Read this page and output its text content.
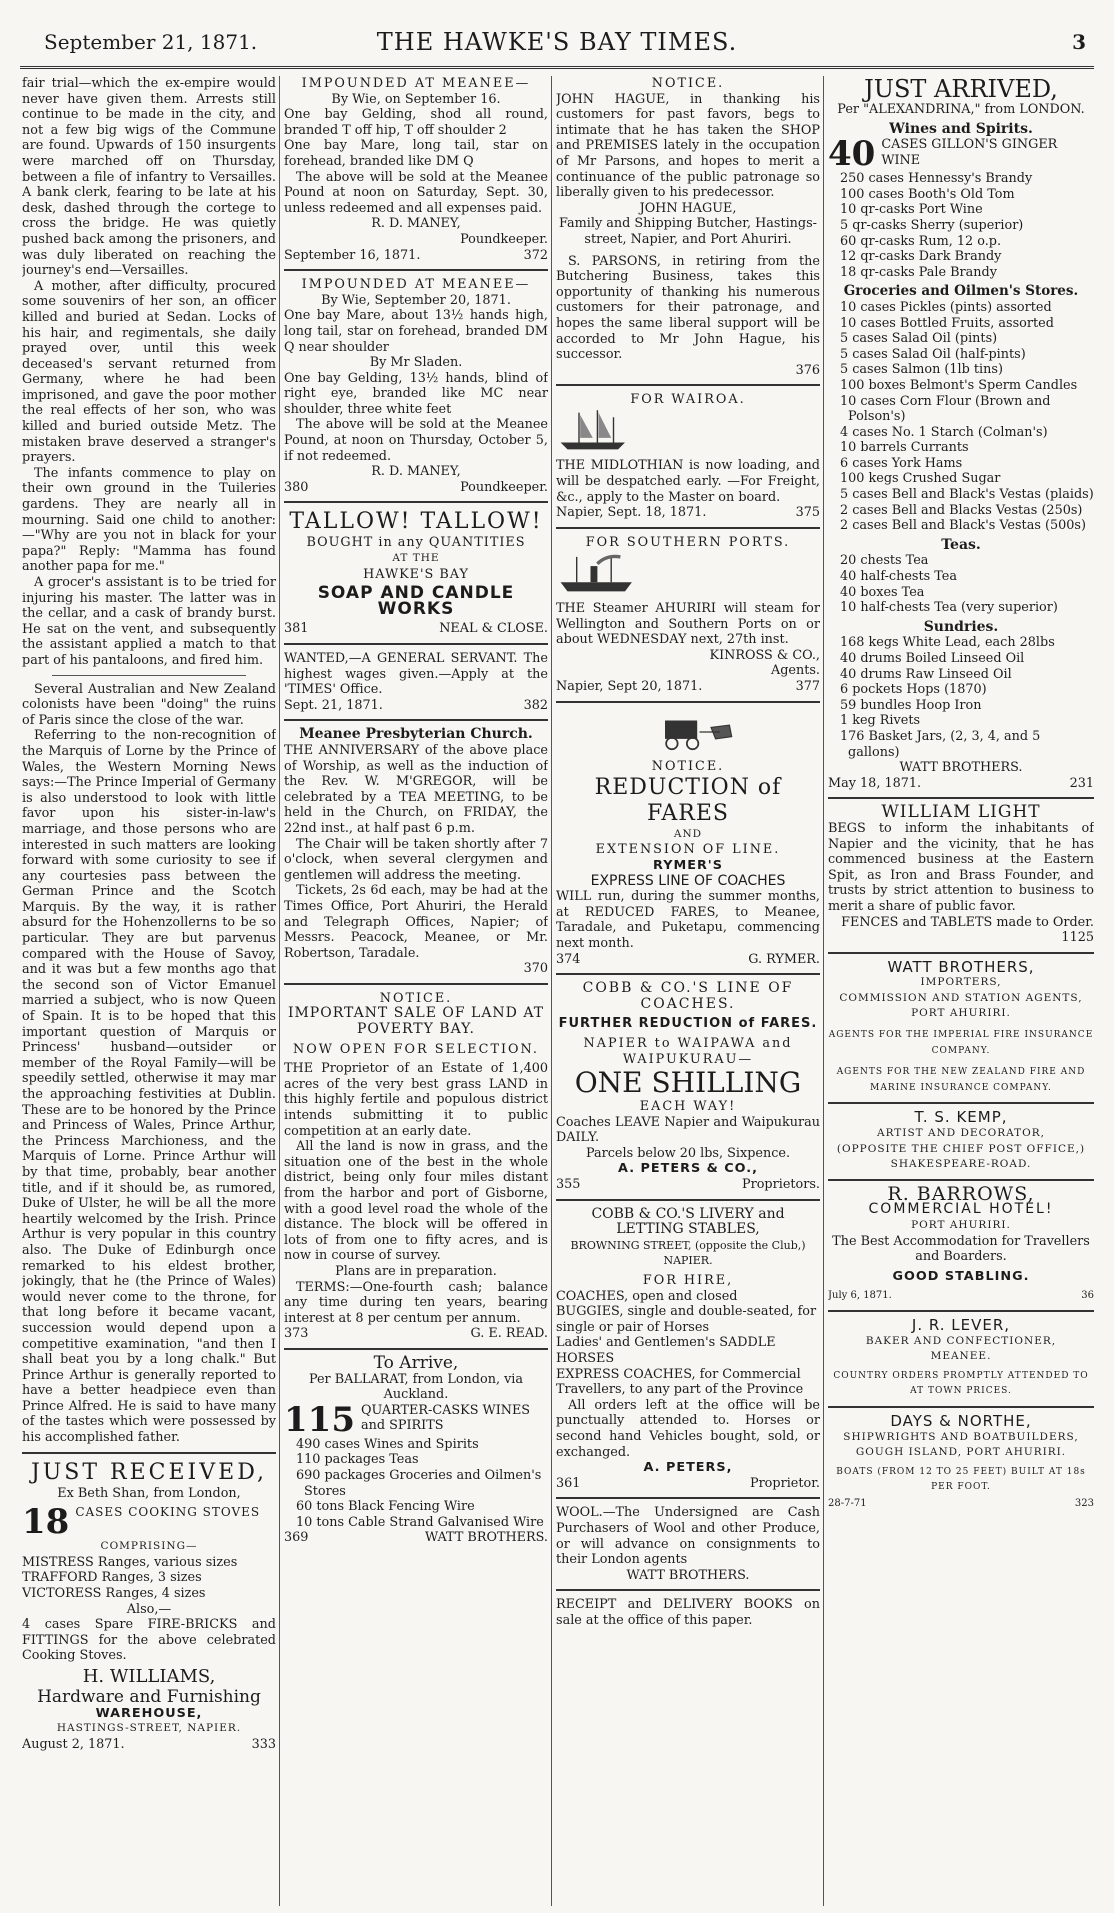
September 21, 1871.	THE HAWKE'S BAY TIMES.	3

fair trial—which the ex-empire would never have given them. Arrests still continue to be made in the city, and not a few big wigs of the Commune are found. Upwards of 150 insurgents were marched off on Thursday, between a file of infantry to Versailles. A bank clerk, fearing to be late at his desk, dashed through the cortege to cross the bridge. He was quietly pushed back among the prisoners, and was duly liberated on reaching the journey's end—Versailles.

A mother, after difficulty, procured some souvenirs of her son, an officer killed and buried at Sedan. Locks of his hair, and regimentals, she daily prayed over, until this week deceased's servant returned from Germany, where he had been imprisoned, and gave the poor mother the real effects of her son, who was killed and buried outside Metz. The mistaken brave deserved a stranger's prayers.

The infants commence to play on their own ground in the Tuileries gardens. They are nearly all in mourning. Said one child to another:—"Why are you not in black for your papa?" Reply: "Mamma has found another papa for me."

A grocer's assistant is to be tried for injuring his master. The latter was in the cellar, and a cask of brandy burst. He sat on the vent, and subsequently the assistant applied a match to that part of his pantaloons, and fired him.

Several Australian and New Zealand colonists have been "doing" the ruins of Paris since the close of the war.

Referring to the non-recognition of the Marquis of Lorne by the Prince of Wales, the Western Morning News says:—The Prince Imperial of Germany is also understood to look with little favor upon his sister-in-law's marriage, and those persons who are interested in such matters are looking forward with some curiosity to see if any courtesies pass between the German Prince and the Scotch Marquis. By the way, it is rather absurd for the Hohenzollerns to be so particular. They are but parvenus compared with the House of Savoy, and it was but a few months ago that the second son of Victor Emanuel married a subject, who is now Queen of Spain. It is to be hoped that this important question of Marquis or Princess' husband—outsider or member of the Royal Family—will be speedily settled, otherwise it may mar the approaching festivities at Dublin. These are to be honored by the Prince and Princess of Wales, Prince Arthur, the Princess Marchioness, and the Marquis of Lorne. Prince Arthur will by that time, probably, bear another title, and if it should be, as rumored, Duke of Ulster, he will be all the more heartily welcomed by the Irish. Prince Arthur is very popular in this country also. The Duke of Edinburgh once remarked to his eldest brother, jokingly, that he (the Prince of Wales) would never come to the throne, for that long before it became vacant, succession would depend upon a competitive examination, "and then I shall beat you by a long chalk." But Prince Arthur is generally reported to have a better headpiece even than Prince Alfred. He is said to have many of the tastes which were possessed by his accomplished father.

JUST RECEIVED,
Ex Beth Shan, from London,
18 CASES COOKING STOVES
COMPRISING—
MISTRESS Ranges, various sizes
TRAFFORD Ranges, 3 sizes
VICTORESS Ranges, 4 sizes
Also,—

4 cases Spare FIRE-BRICKS and FITTINGS for the above celebrated Cooking Stoves.

H. WILLIAMS,
Hardware and Furnishing
WAREHOUSE,
HASTINGS-STREET, NAPIER.
August 2, 1871.	333
IMPOUNDED AT MEANEE—
By Wie, on September 16.

One bay Gelding, shod all round, branded T off hip, T off shoulder 2

One bay Mare, long tail, star on forehead, branded like DM Q

The above will be sold at the Meanee Pound at noon on Saturday, Sept. 30, unless redeemed and all expenses paid.

R. D. MANEY,
Poundkeeper.
September 16, 1871.	372
IMPOUNDED AT MEANEE—
By Wie, September 20, 1871.

One bay Mare, about 13½ hands high, long tail, star on forehead, branded DM Q near shoulder

By Mr Sladen.

One bay Gelding, 13½ hands, blind of right eye, branded like MC near shoulder, three white feet

The above will be sold at the Meanee Pound, at noon on Thursday, October 5, if not redeemed.

R. D. MANEY,
380	Poundkeeper.
TALLOW! TALLOW!
BOUGHT in any QUANTITIES
AT THE
HAWKE'S BAY
SOAP AND CANDLE WORKS
381	NEAL & CLOSE.

WANTED,—A GENERAL SERVANT. The highest wages given.—Apply at the 'TIMES' Office.

Sept. 21, 1871.	382
Meanee Presbyterian Church.

THE ANNIVERSARY of the above place of Worship, as well as the induction of the Rev. W. M'GREGOR, will be celebrated by a TEA MEETING, to be held in the Church, on FRIDAY, the 22nd inst., at half past 6 p.m.

The Chair will be taken shortly after 7 o'clock, when several clergymen and gentlemen will address the meeting.

Tickets, 2s 6d each, may be had at the Times Office, Port Ahuriri, the Herald and Telegraph Offices, Napier; of Messrs. Peacock, Meanee, or Mr. Robertson, Taradale.

370
NOTICE.
IMPORTANT SALE OF LAND AT POVERTY BAY.
NOW OPEN FOR SELECTION.

THE Proprietor of an Estate of 1,400 acres of the very best grass LAND in this highly fertile and populous district intends submitting it to public competition at an early date.

All the land is now in grass, and the situation one of the best in the whole district, being only four miles distant from the harbor and port of Gisborne, with a good level road the whole of the distance. The block will be offered in lots of from one to fifty acres, and is now in course of survey.

Plans are in preparation.

TERMS:—One-fourth cash; balance any time during ten years, bearing interest at 8 per centum per annum.

373	G. E. READ.
To Arrive,
Per BALLARAT, from London, via Auckland.
115 QUARTER-CASKS WINES and SPIRITS
490 cases Wines and Spirits
110 packages Teas
690 packages Groceries and Oilmen's Stores
60 tons Black Fencing Wire
10 tons Cable Strand Galvanised Wire
369	WATT BROTHERS.
NOTICE.

JOHN HAGUE, in thanking his customers for past favors, begs to intimate that he has taken the SHOP and PREMISES lately in the occupation of Mr Parsons, and hopes to merit a continuance of the public patronage so liberally given to his predecessor.

JOHN HAGUE,
Family and Shipping Butcher, Hastings-street, Napier, and Port Ahuriri.

S. PARSONS, in retiring from the Butchering Business, takes this opportunity of thanking his numerous customers for their patronage, and hopes the same liberal support will be accorded to Mr John Hague, his successor.

376
FOR WAIROA.

THE MIDLOTHIAN is now loading, and will be despatched early. —For Freight, &c., apply to the Master on board.

Napier, Sept. 18, 1871.	375
FOR SOUTHERN PORTS.

THE Steamer AHURIRI will steam for Wellington and Southern Ports on or about WEDNESDAY next, 27th inst.

KINROSS & CO.,
Agents.
Napier, Sept 20, 1871.	377
NOTICE.
REDUCTION of FARES
AND
EXTENSION OF LINE.
RYMER'S
EXPRESS LINE OF COACHES

WILL run, during the summer months, at REDUCED FARES, to Meanee, Taradale, and Puketapu, commencing next month.

374	G. RYMER.
COBB & CO.'S LINE OF COACHES.
FURTHER REDUCTION of FARES.
NAPIER to WAIPAWA and WAIPUKURAU—
ONE SHILLING
EACH WAY!

Coaches LEAVE Napier and Waipukurau DAILY.

Parcels below 20 lbs, Sixpence.
A. PETERS & CO.,
355	Proprietors.
COBB & CO.'S LIVERY and LETTING STABLES,
BROWNING STREET, (opposite the Club,) NAPIER.
FOR HIRE,
COACHES, open and closed
BUGGIES, single and double-seated, for single or pair of Horses
Ladies' and Gentlemen's SADDLE HORSES
EXPRESS COACHES, for Commercial Travellers, to any part of the Province

All orders left at the office will be punctually attended to. Horses or second hand Vehicles bought, sold, or exchanged.

A. PETERS,
361	Proprietor.

WOOL.—The Undersigned are Cash Purchasers of Wool and other Produce, or will advance on consignments to their London agents

WATT BROTHERS.

RECEIPT and DELIVERY BOOKS on sale at the office of this paper.

JUST ARRIVED,
Per "ALEXANDRINA," from LONDON.
Wines and Spirits.
40 CASES GILLON'S GINGER WINE
250 cases Hennessy's Brandy
100 cases Booth's Old Tom
10 qr-casks Port Wine
5 qr-casks Sherry (superior)
60 qr-casks Rum, 12 o.p.
12 qr-casks Dark Brandy
18 qr-casks Pale Brandy
Groceries and Oilmen's Stores.
10 cases Pickles (pints) assorted
10 cases Bottled Fruits, assorted
5 cases Salad Oil (pints)
5 cases Salad Oil (half-pints)
5 cases Salmon (1lb tins)
100 boxes Belmont's Sperm Candles
10 cases Corn Flour (Brown and Polson's)
4 cases No. 1 Starch (Colman's)
10 barrels Currants
6 cases York Hams
100 kegs Crushed Sugar
5 cases Bell and Black's Vestas (plaids)
2 cases Bell and Blacks Vestas (250s)
2 cases Bell and Black's Vestas (500s)
Teas.
20 chests Tea
40 half-chests Tea
40 boxes Tea
10 half-chests Tea (very superior)
Sundries.
168 kegs White Lead, each 28lbs
40 drums Boiled Linseed Oil
40 drums Raw Linseed Oil
6 pockets Hops (1870)
59 bundles Hoop Iron
1 keg Rivets
176 Basket Jars, (2, 3, 4, and 5 gallons)
WATT BROTHERS.
May 18, 1871.	231
WILLIAM LIGHT

BEGS to inform the inhabitants of Napier and the vicinity, that he has commenced business at the Eastern Spit, as Iron and Brass Founder, and trusts by strict attention to business to merit a share of public favor.

FENCES and TABLETS made to Order.
1125
WATT BROTHERS,
IMPORTERS,
COMMISSION AND STATION AGENTS,
PORT AHURIRI.
AGENTS FOR THE IMPERIAL FIRE INSURANCE COMPANY.
AGENTS FOR THE NEW ZEALAND FIRE AND MARINE INSURANCE COMPANY.
T. S. KEMP,
ARTIST AND DECORATOR,
(OPPOSITE THE CHIEF POST OFFICE,)
SHAKESPEARE-ROAD.
R. BARROWS,
COMMERCIAL HOTEL!
PORT AHURIRI.
The Best Accommodation for Travellers and Boarders.
GOOD STABLING.
July 6, 1871.	36
J. R. LEVER,
BAKER AND CONFECTIONER,
MEANEE.
COUNTRY ORDERS PROMPTLY ATTENDED TO AT TOWN PRICES.
DAYS & NORTHE,
SHIPWRIGHTS AND BOATBUILDERS,
GOUGH ISLAND, PORT AHURIRI.
BOATS (FROM 12 TO 25 FEET) BUILT AT 18s PER FOOT.
28-7-71	323
